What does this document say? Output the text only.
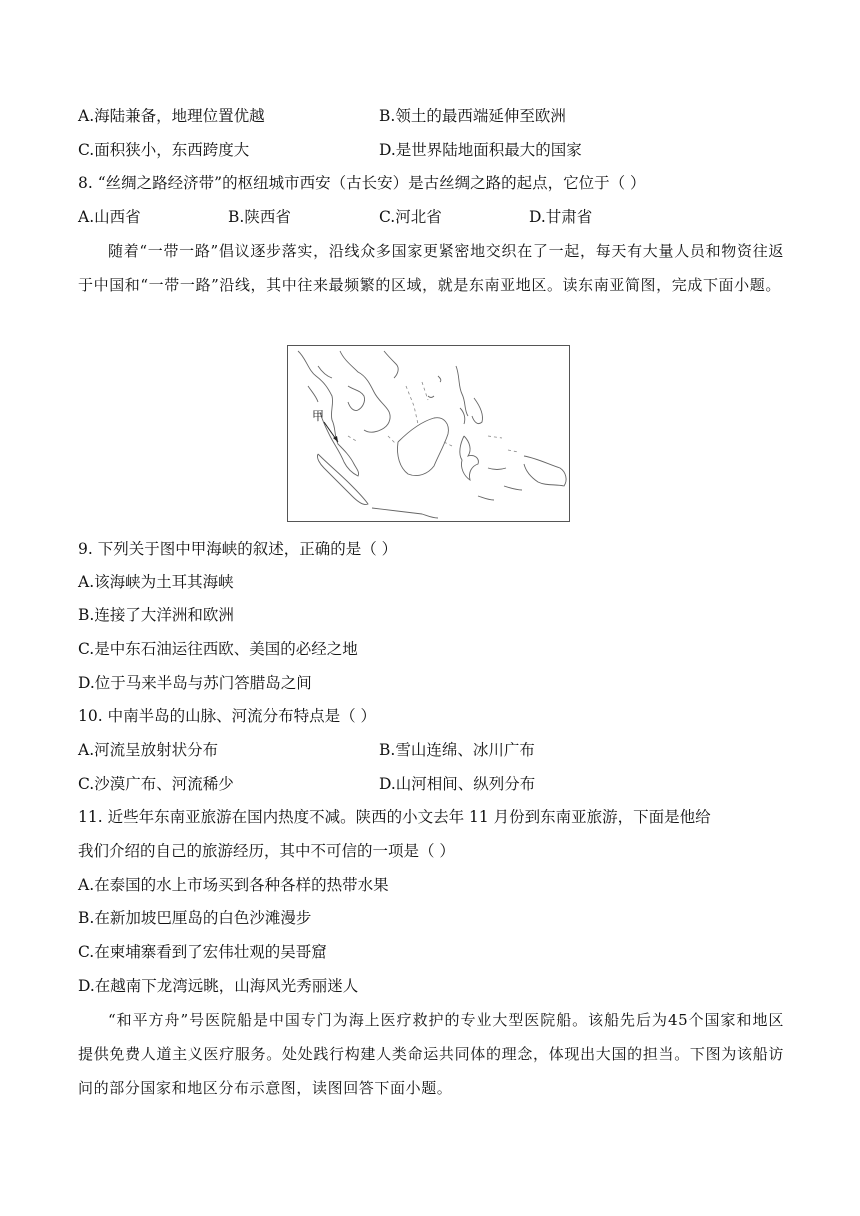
A.海陆兼备，地理位置优越	B.领土的最西端延伸至欧洲
C.面积狭小，东西跨度大	D.是世界陆地面积最大的国家
8. “丝绸之路经济带”的枢纽城市西安（古长安）是古丝绸之路的起点，它位于（ ）
A.山西省	B.陕西省	C.河北省	D.甘肃省
随着“一带一路”倡议逐步落实，沿线众多国家更紧密地交织在了一起，每天有大量人员和物资往返于中国和“一带一路”沿线，其中往来最频繁的区域，就是东南亚地区。读东南亚简图，完成下面小题。
甲
9. 下列关于图中甲海峡的叙述，正确的是（ ）
A.该海峡为土耳其海峡
B.连接了大洋洲和欧洲
C.是中东石油运往西欧、美国的必经之地
D.位于马来半岛与苏门答腊岛之间
10. 中南半岛的山脉、河流分布特点是（ ）
A.河流呈放射状分布	B.雪山连绵、冰川广布
C.沙漠广布、河流稀少	D.山河相间、纵列分布
11. 近些年东南亚旅游在国内热度不减。陕西的小文去年 11 月份到东南亚旅游，下面是他给
我们介绍的自己的旅游经历，其中不可信的一项是（ ）
A.在泰国的水上市场买到各种各样的热带水果
B.在新加坡巴厘岛的白色沙滩漫步
C.在柬埔寨看到了宏伟壮观的吴哥窟
D.在越南下龙湾远眺，山海风光秀丽迷人
“和平方舟”号医院船是中国专门为海上医疗救护的专业大型医院船。该船先后为45个国家和地区提供免费人道主义医疗服务。处处践行构建人类命运共同体的理念，体现出大国的担当。下图为该船访问的部分国家和地区分布示意图，读图回答下面小题。
